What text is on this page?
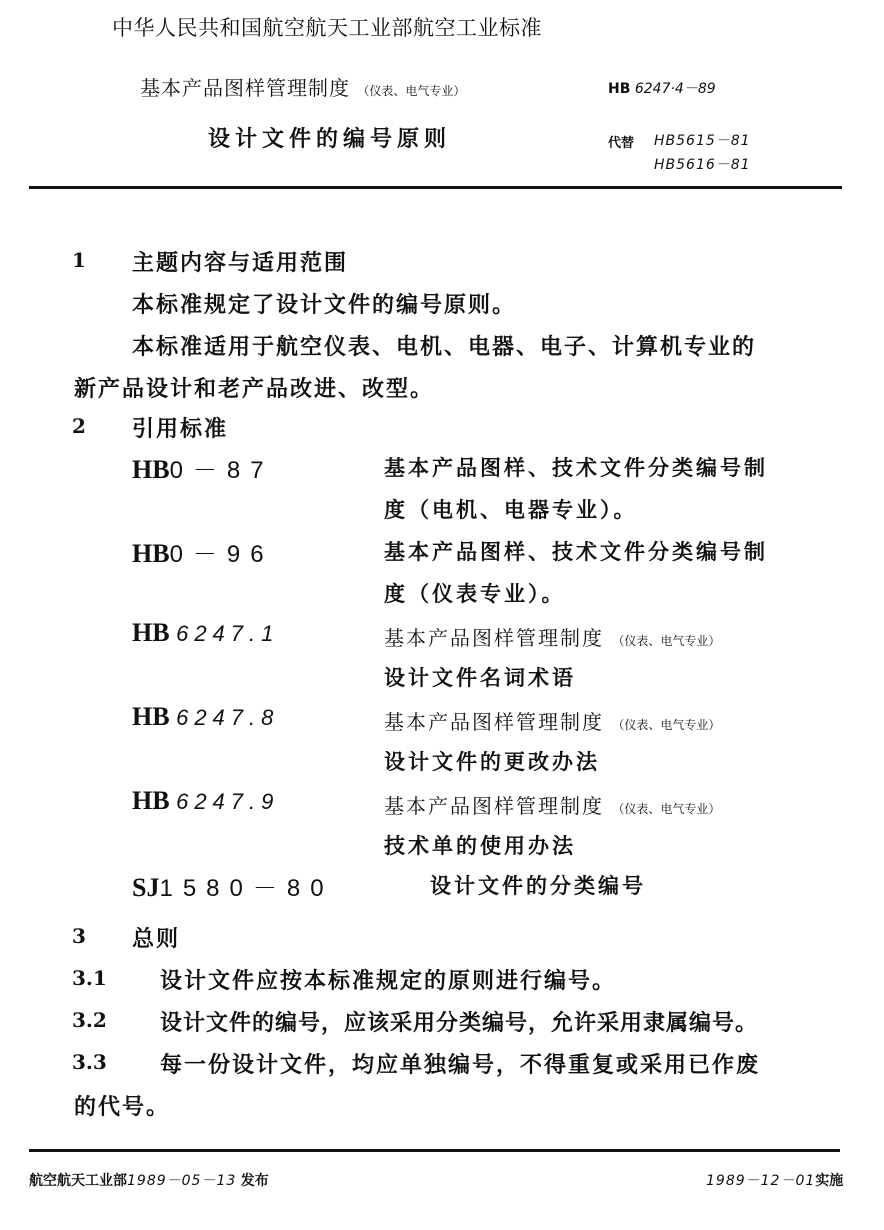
中华人民共和国航空航天工业部航空工业标准
基本产品图样管理制度 （仪表、电气专业）	HB 6247·4－89
设计文件的编号原则	代替 HB5615－81
HB5616－81
1 主题内容与适用范围
本标准规定了设计文件的编号原则。
本标准适用于航空仪表、电机、电器、电子、计算机专业的
新产品设计和老产品改进、改型。
2 引用标准
HB0－87	基本产品图样、技术文件分类编号制
度（电机、电器专业）。
HB0－96	基本产品图样、技术文件分类编号制
度（仪表专业）。
HB 6247.1	基本产品图样管理制度 （仪表、电气专业）
设计文件名词术语
HB 6247.8	基本产品图样管理制度 （仪表、电气专业）
设计文件的更改办法
HB 6247.9	基本产品图样管理制度 （仪表、电气专业）
技术单的使用办法
SJ1580－80	设计文件的分类编号
3 总则
3.1 设计文件应按本标准规定的原则进行编号。
3.2 设计文件的编号，应该采用分类编号，允许采用隶属编号。
3.3 每一份设计文件，均应单独编号，不得重复或采用已作废
的代号。
航空航天工业部1989－05－13 发布	1989－12－01实施
